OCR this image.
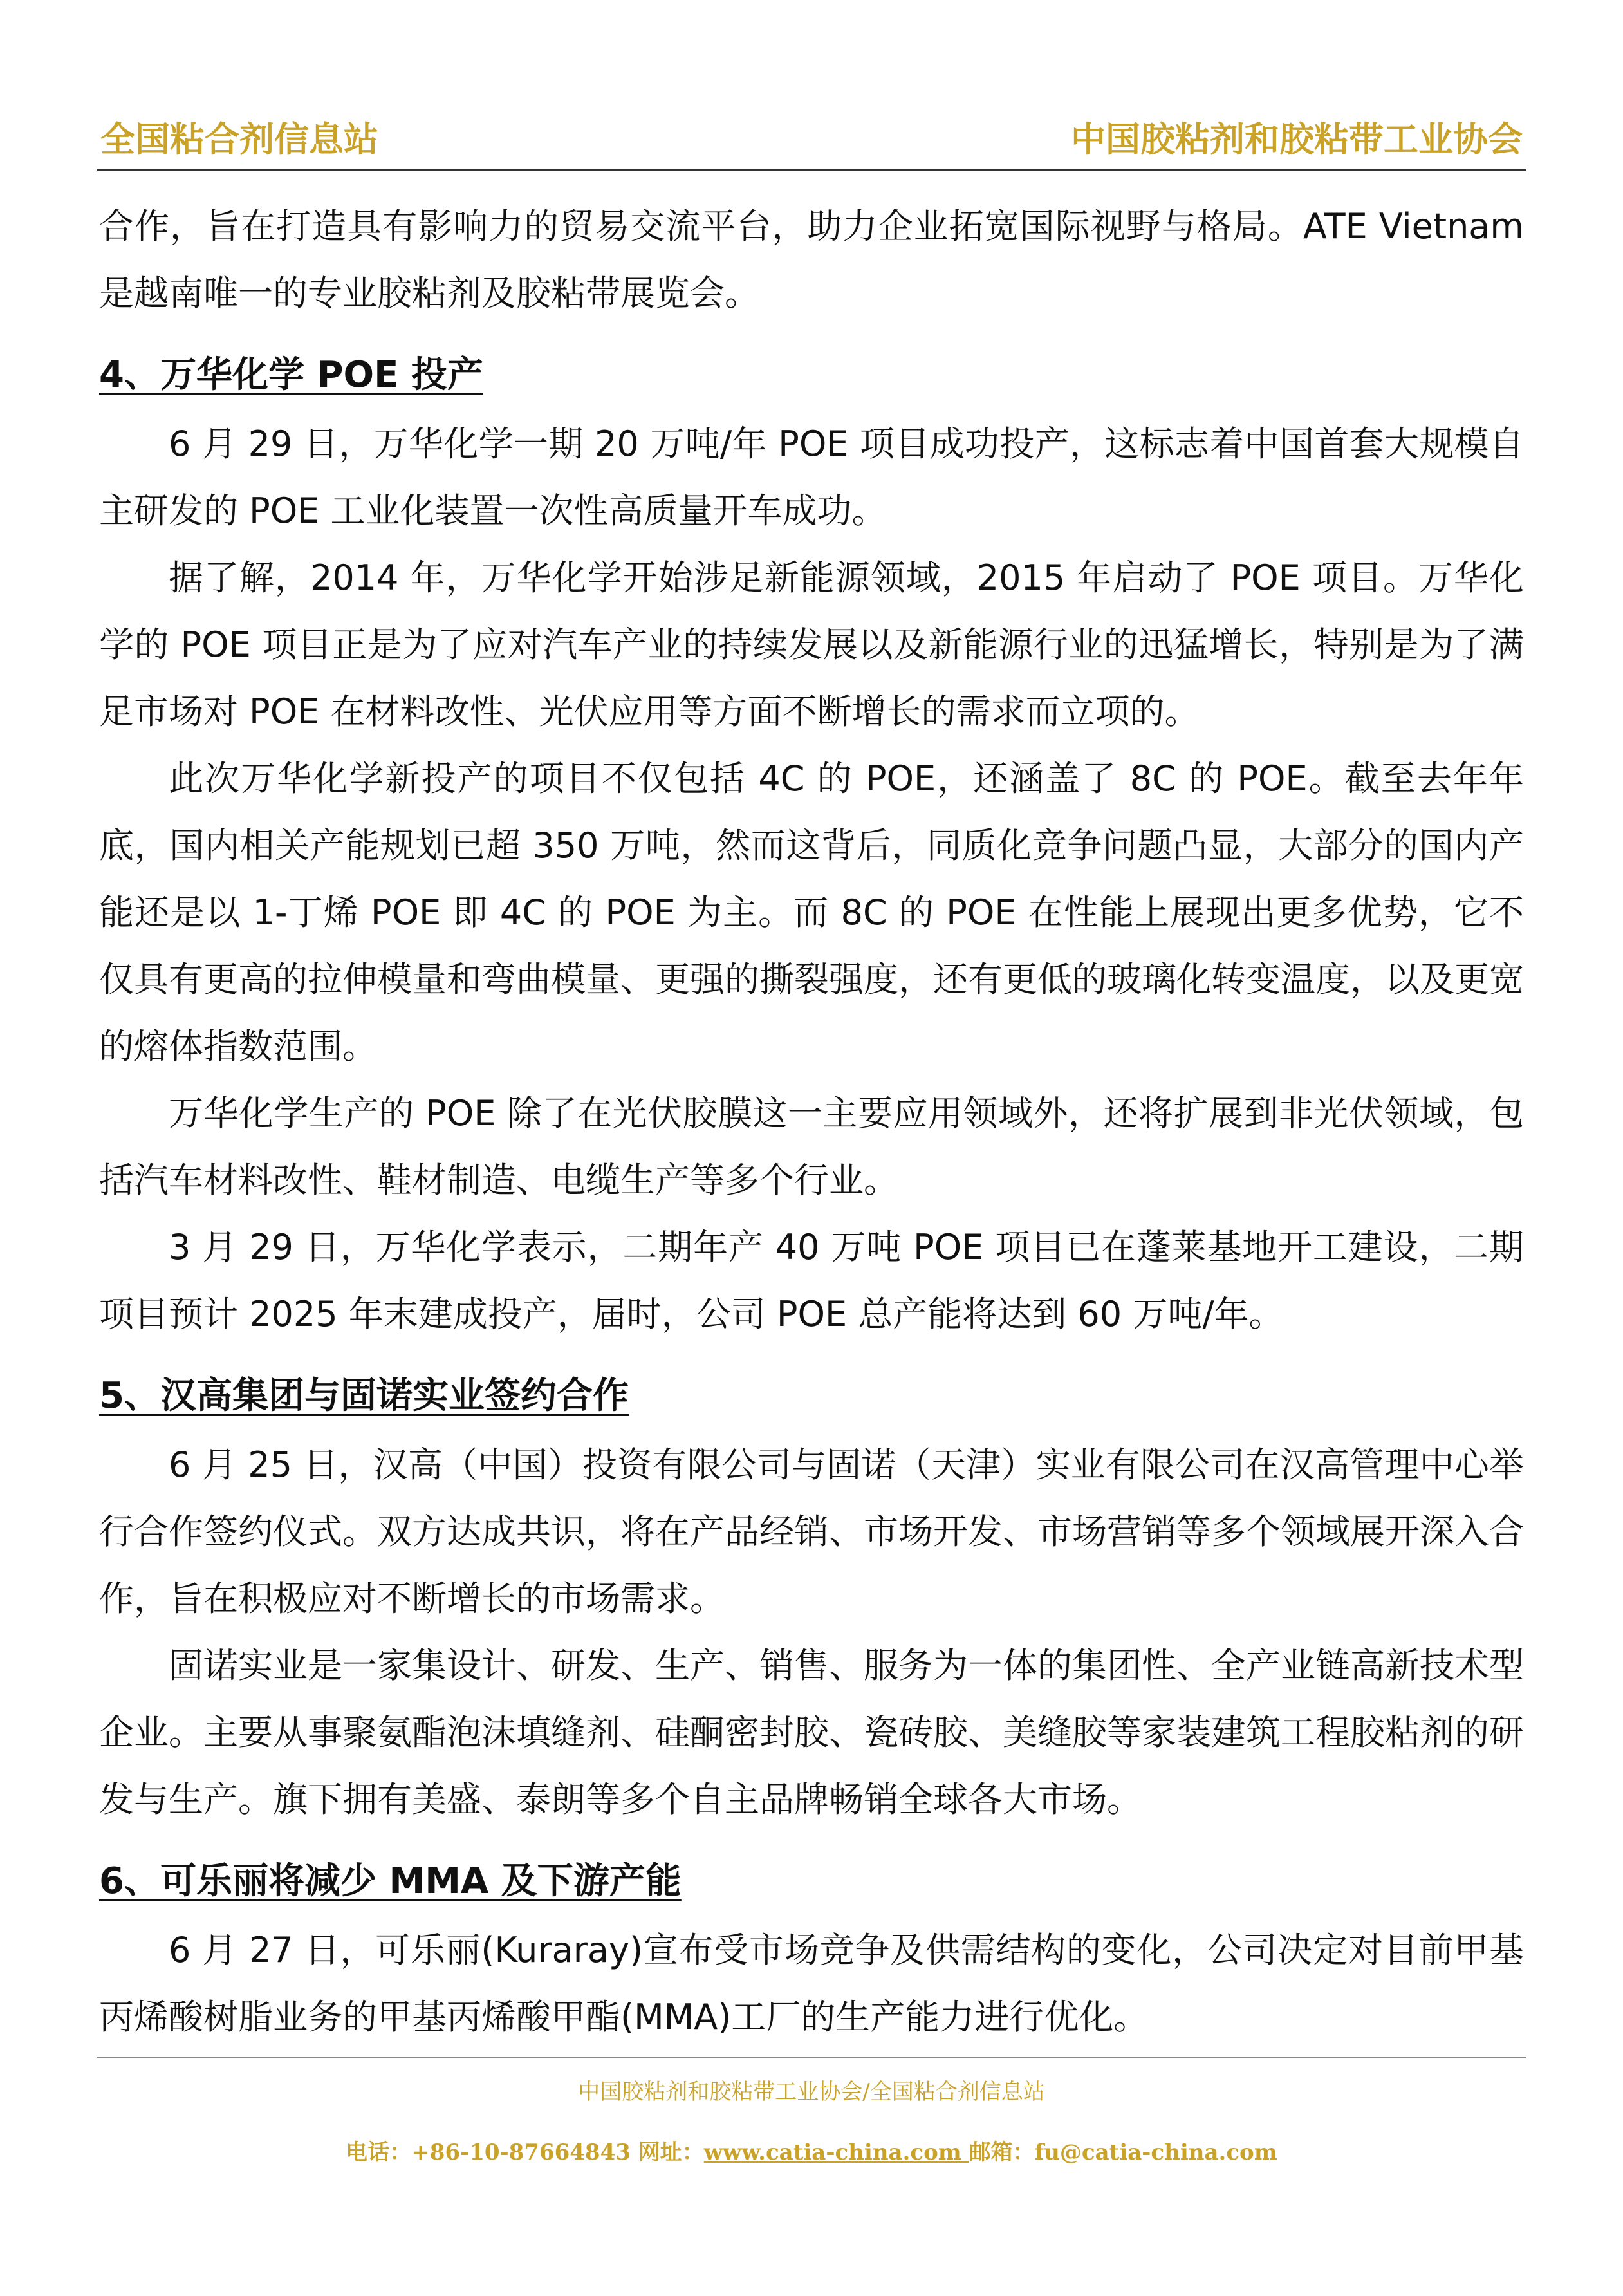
全国粘合剂信息站	中国胶粘剂和胶粘带工业协会

合作，旨在打造具有影响力的贸易交流平台，助力企业拓宽国际视野与格局。ATE Vietnam 是越南唯一的专业胶粘剂及胶粘带展览会。

4、万华化学 POE 投产

6 月 29 日，万华化学一期 20 万吨/年 POE 项目成功投产，这标志着中国首套大规模自主研发的 POE 工业化装置一次性高质量开车成功。

据了解，2014 年，万华化学开始涉足新能源领域，2015 年启动了 POE 项目。万华化学的 POE 项目正是为了应对汽车产业的持续发展以及新能源行业的迅猛增长，特别是为了满足市场对 POE 在材料改性、光伏应用等方面不断增长的需求而立项的。

此次万华化学新投产的项目不仅包括 4C 的 POE，还涵盖了 8C 的 POE。截至去年年底，国内相关产能规划已超 350 万吨，然而这背后，同质化竞争问题凸显，大部分的国内产能还是以 1-丁烯 POE 即 4C 的 POE 为主。而 8C 的 POE 在性能上展现出更多优势，它不仅具有更高的拉伸模量和弯曲模量、更强的撕裂强度，还有更低的玻璃化转变温度，以及更宽的熔体指数范围。

万华化学生产的 POE 除了在光伏胶膜这一主要应用领域外，还将扩展到非光伏领域，包括汽车材料改性、鞋材制造、电缆生产等多个行业。

3 月 29 日，万华化学表示，二期年产 40 万吨 POE 项目已在蓬莱基地开工建设，二期项目预计 2025 年末建成投产，届时，公司 POE 总产能将达到 60 万吨/年。

5、汉高集团与固诺实业签约合作

6 月 25 日，汉高（中国）投资有限公司与固诺（天津）实业有限公司在汉高管理中心举行合作签约仪式。双方达成共识，将在产品经销、市场开发、市场营销等多个领域展开深入合作，旨在积极应对不断增长的市场需求。

固诺实业是一家集设计、研发、生产、销售、服务为一体的集团性、全产业链高新技术型企业。主要从事聚氨酯泡沫填缝剂、硅酮密封胶、瓷砖胶、美缝胶等家装建筑工程胶粘剂的研发与生产。旗下拥有美盛、泰朗等多个自主品牌畅销全球各大市场。

6、可乐丽将减少 MMA 及下游产能

6 月 27 日，可乐丽(Kuraray)宣布受市场竞争及供需结构的变化，公司决定对目前甲基丙烯酸树脂业务的甲基丙烯酸甲酯(MMA)工厂的生产能力进行优化。

中国胶粘剂和胶粘带工业协会/全国粘合剂信息站
电话：+86-10-87664843 网址：www.catia-china.com 邮箱：fu@catia-china.com
